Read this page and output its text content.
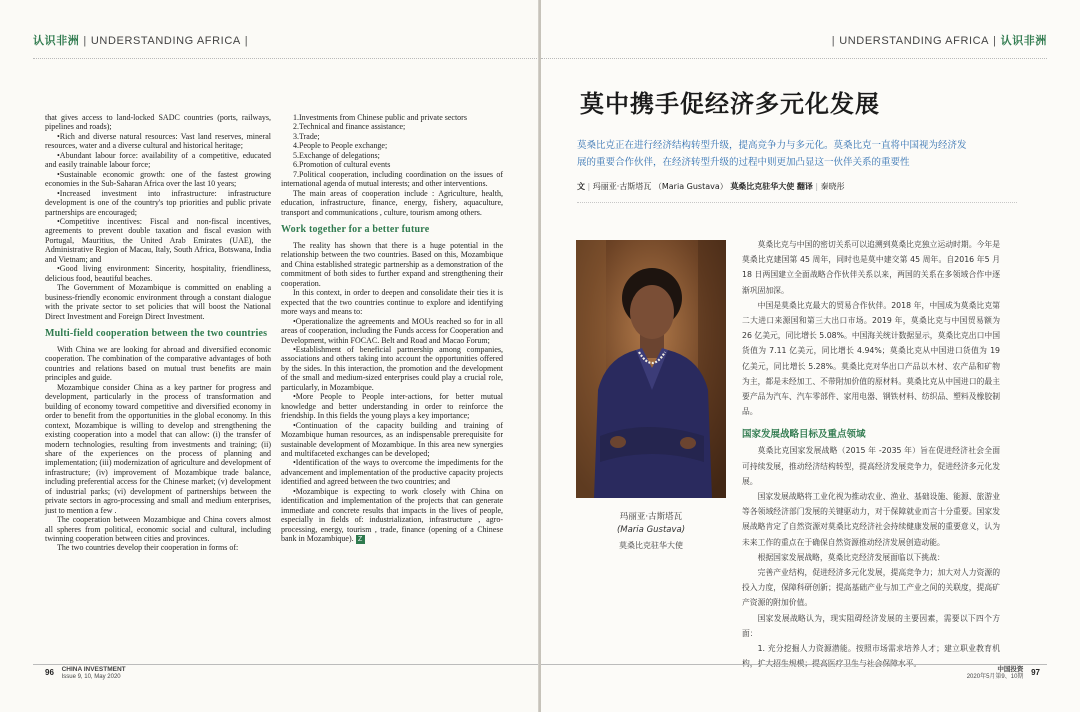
认识非洲 | UNDERSTANDING AFRICA |

that gives access to land-locked SADC countries (ports, railways, pipelines and roads);

•Rich and diverse natural resources: Vast land reserves, mineral resources, water and a diverse cultural and historical heritage;

•Abundant labour force: availability of a competitive, educated and easily trainable labour force;

•Sustainable economic growth: one of the fastest growing economies in the Sub-Saharan Africa over the last 10 years;

•Increased investment into infrastructure: infrastructure development is one of the country's top priorities and public private partnerships are encouraged;

•Competitive incentives: Fiscal and non-fiscal incentives, agreements to prevent double taxation and fiscal evasion with Portugal, Mauritius, the United Arab Emirates (UAE), the Administrative Region of Macau, Italy, South Africa, Botswana, India and Vietnam; and

•Good living environment: Sincerity, hospitality, friendliness, delicious food, beautiful beaches.

The Government of Mozambique is committed on enabling a business-friendly economic environment through a constant dialogue with the private sector to set policies that will boost the National Direct Investment and Foreign Direct Investment.

Multi-field cooperation between the two countries

With China we are looking for abroad and diversified economic cooperation. The combination of the comparative advantages of both countries and relations based on mutual trust benefits are main principles and guide.

Mozambique consider China as a key partner for progress and development, particularly in the process of transformation and building of economy toward competitive and diversified economy in order to benefit from the opportunities in the global economy. In this context, Mozambique is willing to develop and strengthening the existing cooperation into a model that can allow: (i) the transfer of modern technologies, resulting from investments and training; (ii) share of the experiences on the process of planning and implementation; (iii) modernization of agriculture and development of infrastructure; (iv) improvement of Mozambique trade balance, including preferential access for the Chinese market; (v) development of industrial parks; (vi) development of partnerships between the private sectors in agro-processing and small and medium enterprises, just to mention a few .

The cooperation between Mozambique and China covers almost all spheres from political, economic social and cultural, including twinning cooperation between cities and provinces.

The two countries develop their cooperation in forms of:

1.Investments from Chinese public and private sectors

2.Technical and finance assistance;

3.Trade;

4.People to People exchange;

5.Exchange of delegations;

6.Promotion of cultural events

7.Political cooperation, including coordination on the issues of international agenda of mutual interests; and other interventions.

The main areas of cooperation include : Agriculture, health, education, infrastructure, finance, energy, fishery, aquaculture, transport and communications , culture, tourism among others.

Work together for a better future

The reality has shown that there is a huge potential in the relationship between the two countries. Based on this, Mozambique and China established strategic partnership as a demonstration of the commitment of both sides to further expand and strengthening their cooperation.

In this context, in order to deepen and consolidate their ties it is expected that the two countries continue to explore and identifying more ways and means to:

•Operationalize the agreements and MOUs reached so for in all areas of cooperation, including the Funds access for Cooperation and Development, within FOCAC. Belt and Road and Macao Forum;

•Establishment of beneficial partnership among companies, associations and others taking into account the opportunities offered by the sides. In this interaction, the promotion and the development of the small and medium-sized enterprises could play a crucial role, particularly, in Mozambique.

•More People to People inter-actions, for better mutual knowledge and better understanding in order to reinforce the friendship. In this fields the young plays a key importance;

•Continuation of the capacity building and training of Mozambique human resources, as an indispensable prerequisite for sustainable development of Mozambique. In this area new synergies and multifaceted exchanges can be developed;

•Identification of the ways to overcome the impediments for the advancement and implementation of the productive capacity projects identified and agreed between the two countries; and

•Mozambique is expecting to work closely with China on identification and implementation of the projects that can generate immediate and concrete results that impacts in the lives of people, especially in fields of: industrialization, infrastructure , agro-processing, energy, tourism , trade, finance (opening of a Chinese bank in Mozambique). Z

96 CHINA INVESTMENT
Issue 9, 10, May 2020
| UNDERSTANDING AFRICA | 认识非洲
莫中携手促经济多元化发展
莫桑比克正在进行经济结构转型升级，提高竞争力与多元化。莫桑比克一直将中国视为经济发
展的重要合作伙伴，在经济转型升级的过程中则更加凸显这一伙伴关系的重要性
文 | 玛丽亚·古斯塔瓦 （Maria Gustava） 莫桑比克驻华大使 翻译 | 秦晓彤
玛丽亚·古斯塔瓦
(Maria Gustava)
莫桑比克驻华大使

莫桑比克与中国的密切关系可以追溯到莫桑比克独立运动时期。今年是莫桑比克建国第 45 周年，同时也是莫中建交第 45 周年。自2016 年5 月18 日两国建立全面战略合作伙伴关系以来，两国的关系在多领域合作中逐渐巩固加深。

中国是莫桑比克最大的贸易合作伙伴。2018 年，中国成为莫桑比克第二大进口来源国和第三大出口市场。2019 年，莫桑比克与中国贸易额为 26 亿美元，同比增长 5.08%。中国海关统计数据显示，莫桑比克出口中国货值为 7.11 亿美元，同比增长 4.94%；莫桑比克从中国进口货值为 19 亿美元，同比增长 5.28%。莫桑比克对华出口产品以木材、农产品和矿物为主，都是未经加工、不带附加价值的原材料。莫桑比克从中国进口的最主要产品为汽车、汽车零部件、家用电器、钢铁材料、纺织品、塑料及橡胶制品。

国家发展战略目标及重点领域

莫桑比克国家发展战略（2015 年 -2035 年）旨在促进经济社会全面可持续发展，推动经济结构转型，提高经济发展竞争力，促进经济多元化发展。

国家发展战略将工业化视为推动农业、渔业、基础设施、能源、旅游业等各领域经济部门发展的关键驱动力，对于保障就业而言十分重要。国家发展战略肯定了自然资源对莫桑比克经济社会持续健康发展的重要意义，认为未来工作的重点在于确保自然资源推动经济发展创造动能。

根据国家发展战略，莫桑比克经济发展面临以下挑战：

完善产业结构，促进经济多元化发展，提高竞争力；加大对人力资源的投入力度，保障科研创新；提高基础产业与加工产业之间的关联度，提高矿产资源的附加价值。

国家发展战略认为，现实阻碍经济发展的主要因素，需要以下四个方面：

1. 充分挖掘人力资源潜能。按照市场需求培养人才；建立职业教育机构，扩大招生规模；提高医疗卫生与社会保障水平。

中国投资
2020年5月第9、10期 97
